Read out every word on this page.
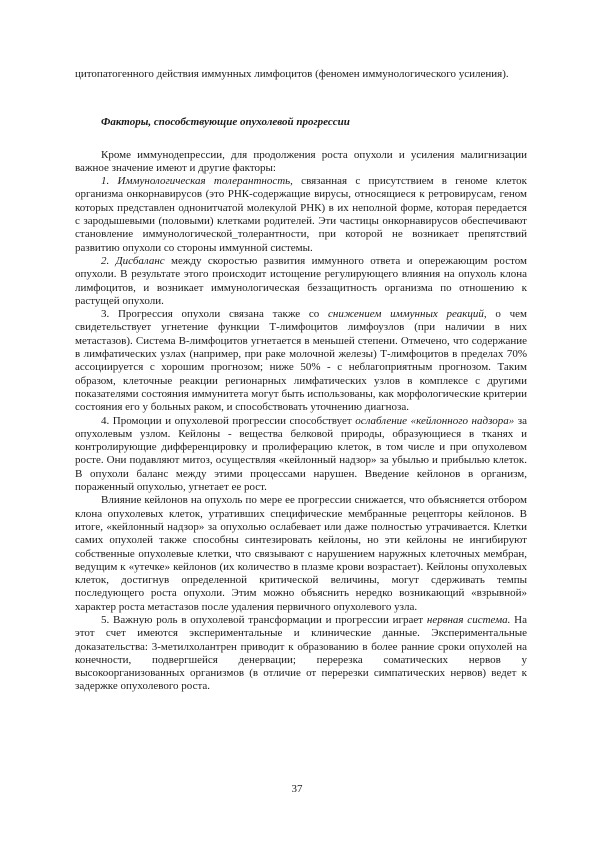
цитопатогенного действия иммунных лимфоцитов (феномен иммунологического усиления).

Факторы, способствующие опухолевой прогрессии

Кроме иммунодепрессии, для продолжения роста опухоли и усиления малигнизации важное значение имеют и другие факторы:

1. Иммунологическая толерантность, связанная с присутствием в геноме клеток организма онкорнавирусов (это РНК-содержащие вирусы, относящиеся к ретровирусам, геном которых представлен однонитчатой молекулой РНК) в их неполной форме, которая передается с зародышевыми (половыми) клетками родителей. Эти частицы онкорнавирусов обеспечивают становление иммунологической_толерантности, при которой не возникает препятствий развитию опухоли со стороны иммунной системы.

2. Дисбаланс между скоростью развития иммунного ответа и опережающим ростом опухоли. В результате этого происходит истощение регулирующего влияния на опухоль клона лимфоцитов, и возникает иммунологическая беззащитность организма по отношению к растущей опухоли.

3. Прогрессия опухоли связана также со снижением иммунных реакций, о чем свидетельствует угнетение функции Т-лимфоцитов лимфоузлов (при наличии в них метастазов). Система В-лимфоцитов угнетается в меньшей степени. Отмечено, что содержание в лимфатических узлах (например, при раке молочной железы) Т-лимфоцитов в пределах 70% ассоциируется с хорошим прогнозом; ниже 50% - с неблагоприятным прогнозом. Таким образом, клеточные реакции регионарных лимфатических узлов в комплексе с другими показателями состояния иммунитета могут быть использованы, как морфологические критерии состояния его у больных раком, и способствовать уточнению диагноза.

4. Промоции и опухолевой прогрессии способствует ослабление «кейлонного надзора» за опухолевым узлом. Кейлоны - вещества белковой природы, образующиеся в тканях и контролирующие дифференцировку и пролиферацию клеток, в том числе и при опухолевом росте. Они подавляют митоз, осуществляя «кейлонный надзор» за убылью и прибылью клеток. В опухоли баланс между этими процессами нарушен. Введение кейлонов в организм, пораженный опухолью, угнетает ее рост.

Влияние кейлонов на опухоль по мере ее прогрессии снижается, что объясняется отбором клона опухолевых клеток, утративших специфические мембранные рецепторы кейлонов. В итоге, «кейлонный надзор» за опухолью ослабевает или даже полностью утрачивается. Клетки самих опухолей также способны синтезировать кейлоны, но эти кейлоны не ингибируют собственные опухолевые клетки, что связывают с нарушением наружных клеточных мембран, ведущим к «утечке» кейлонов (их количество в плазме крови возрастает). Кейлоны опухолевых клеток, достигнув определенной критической величины, могут сдерживать темпы последующего роста опухоли. Этим можно объяснить нередко возникающий «взрывной» характер роста метастазов после удаления первичного опухолевого узла.

5. Важную роль в опухолевой трансформации и прогрессии играет нервная система. На этот счет имеются экспериментальные и клинические данные. Экспериментальные доказательства: 3-метилхолантрен приводит к образованию в более ранние сроки опухолей на конечности, подвергшейся денервации; перерезка соматических нервов у высокоорганизованных организмов (в отличие от перерезки симпатических нервов) ведет к задержке опухолевого роста.

37
